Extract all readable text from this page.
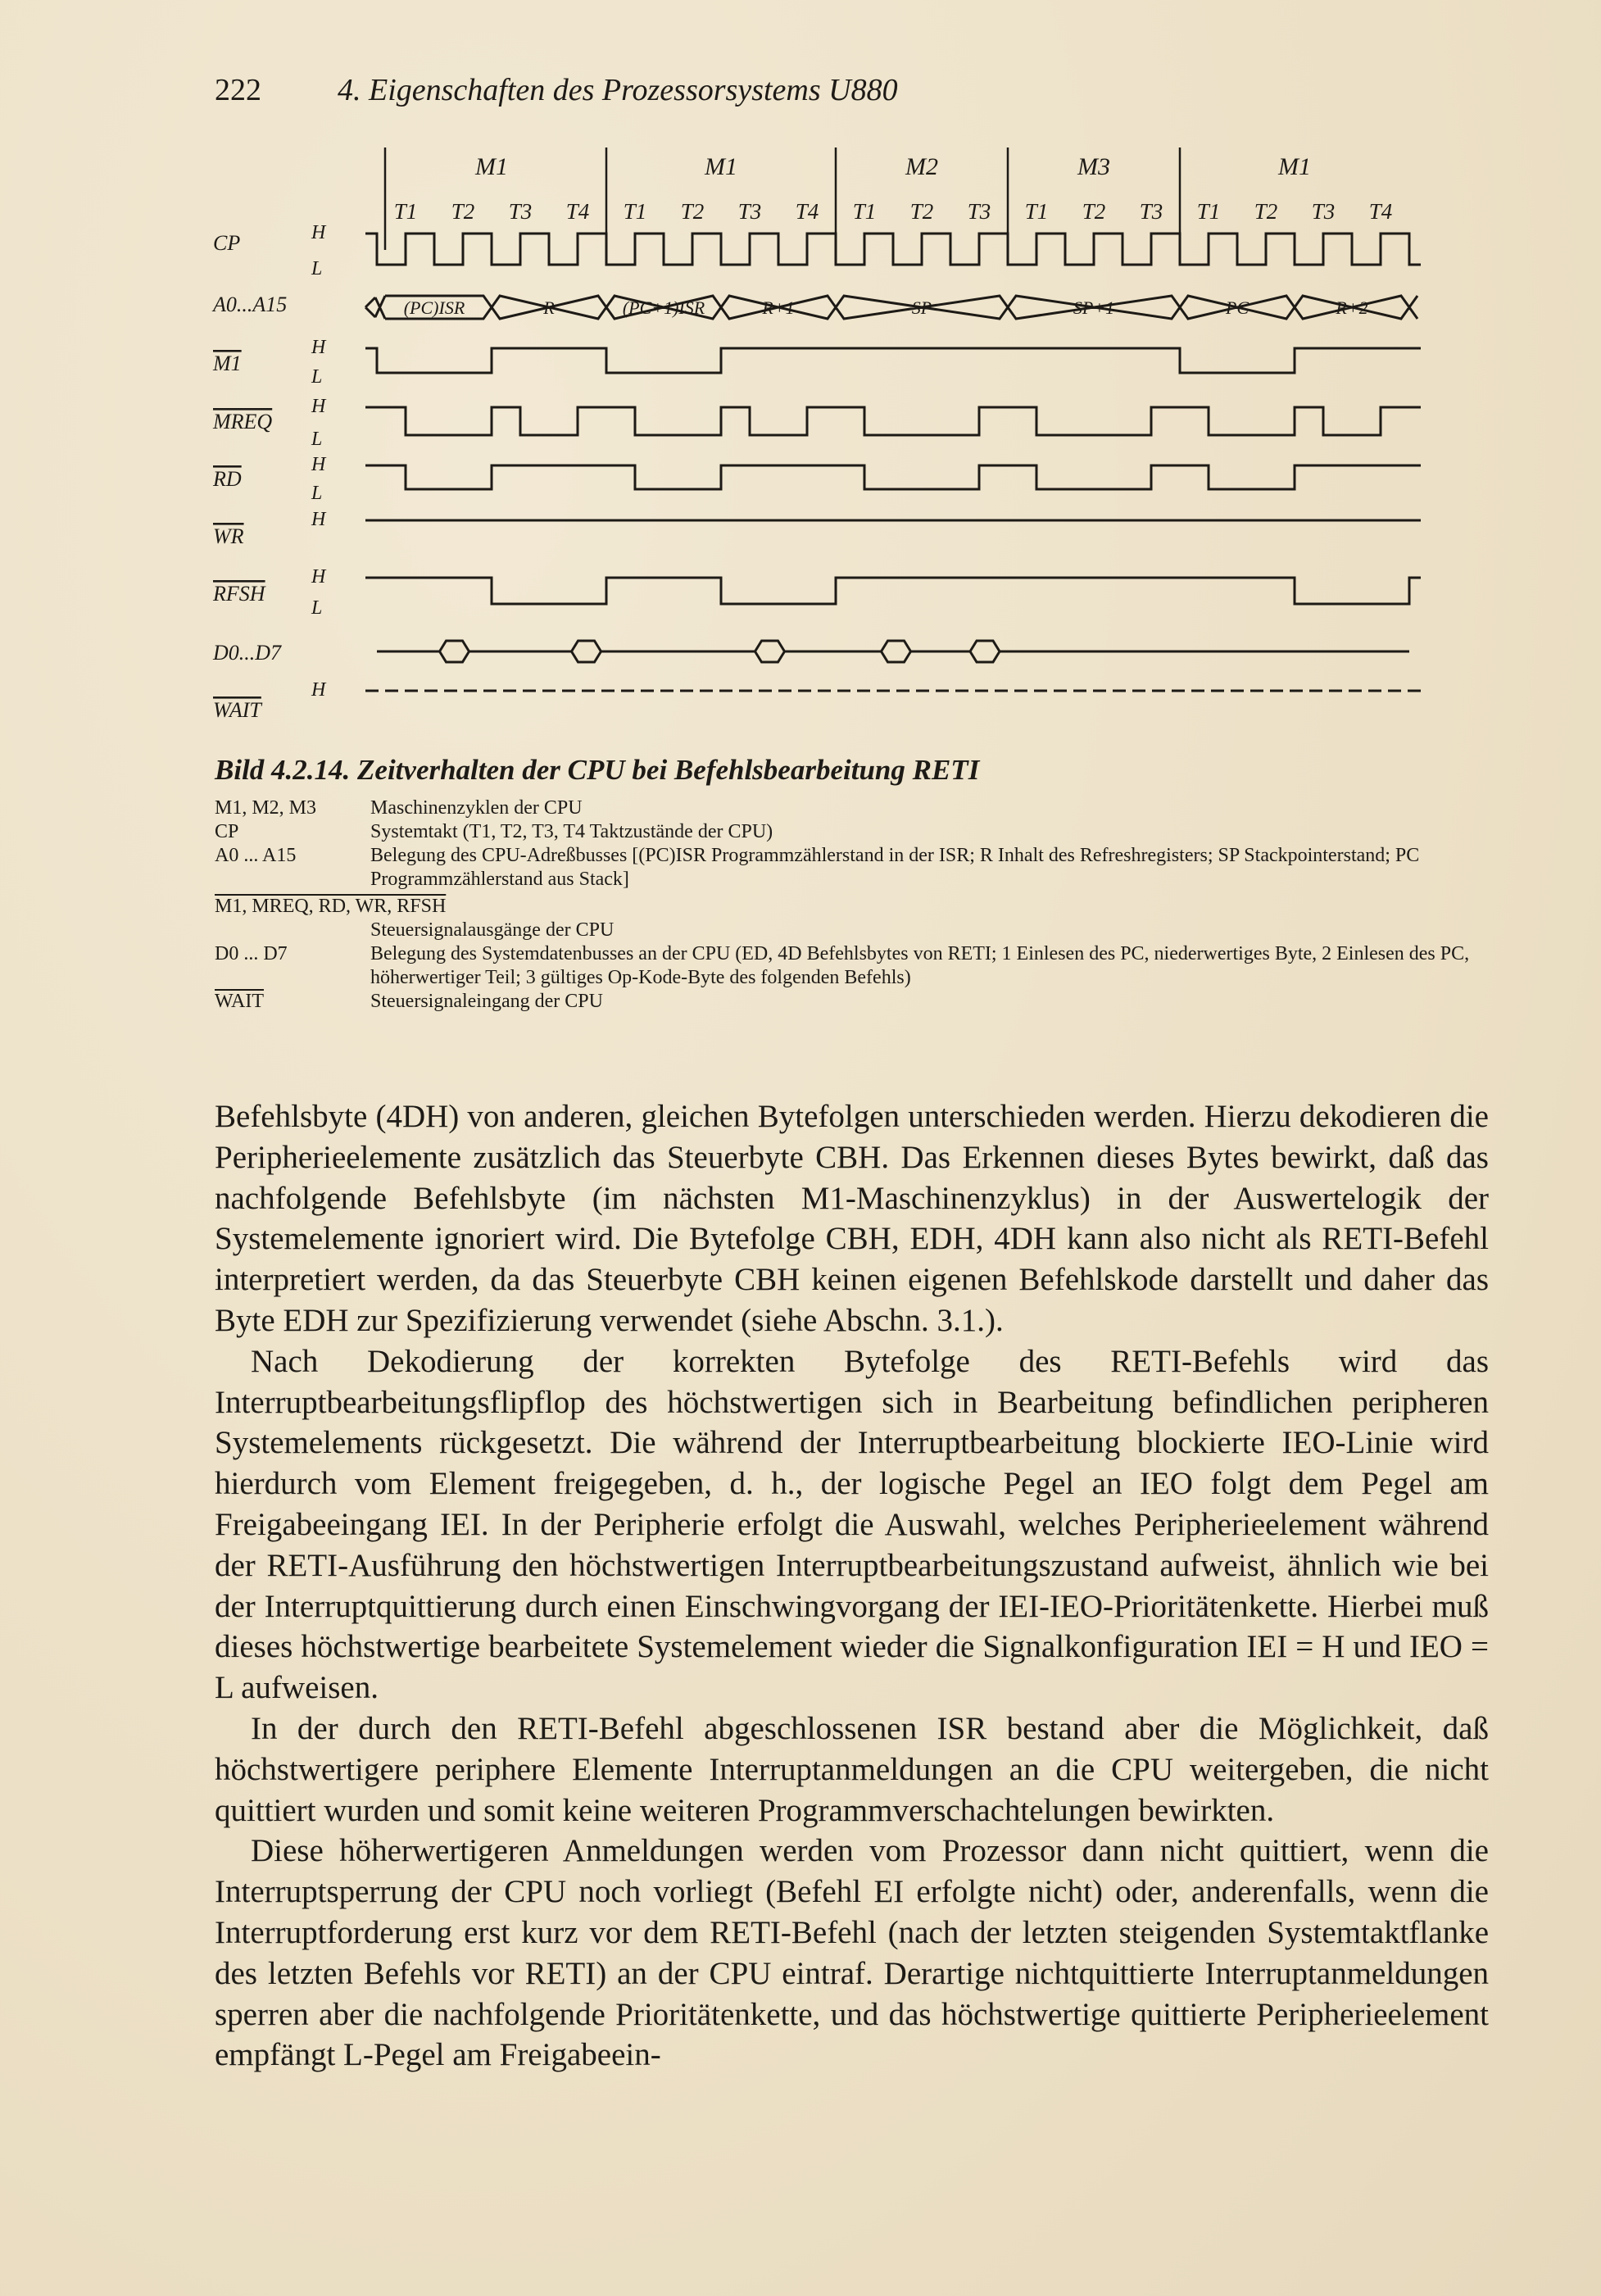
222 4. Eigenschaften des Prozessorsystems U880
M1	M1	M2	M3	M1
T1 T2 T3 T4 T1 T2 T3 T4 T1 T2 T3 T1 T2 T3 T1 T2 T3 T4
CP
A0...A15
M1
MREQ
RD
WR
RFSH
D0...D7
WAIT
H
L
H
L
H
L
H
L
H
H
L
H
(PC)ISR	R	(PC+1)ISR	R+1	SP	SP+1	PC	R+2
Bild 4.2.14. Zeitverhalten der CPU bei Befehlsbearbeitung RETI
M1, M2, M3	Maschinenzyklen der CPU
CP	Systemtakt (T1, T2, T3, T4 Taktzustände der CPU)
A0 ... A15	Belegung des CPU-Adreßbusses [(PC)ISR Programmzählerstand in der ISR; R Inhalt des Refreshregisters; SP Stackpointerstand; PC Programmzählerstand aus Stack]
M1, MREQ, RD, WR, RFSH
Steuersignalausgänge der CPU
D0 ... D7	Belegung des Systemdatenbusses an der CPU (ED, 4D Befehlsbytes von RETI; 1 Einlesen des PC, niederwertiges Byte, 2 Einlesen des PC, höherwertiger Teil; 3 gültiges Op-Kode-Byte des folgenden Befehls)
WAIT	Steuersignaleingang der CPU

Befehlsbyte (4DH) von anderen, gleichen Bytefolgen unterschieden werden. Hierzu dekodieren die Peripherieelemente zusätzlich das Steuerbyte CBH. Das Erkennen dieses Bytes bewirkt, daß das nachfolgende Befehlsbyte (im nächsten M1-Maschinenzyklus) in der Auswertelogik der Systemelemente ignoriert wird. Die Bytefolge CBH, EDH, 4DH kann also nicht als RETI-Befehl interpretiert werden, da das Steuerbyte CBH keinen eigenen Befehlskode darstellt und daher das Byte EDH zur Spezifizierung verwendet (siehe Abschn. 3.1.).

Nach Dekodierung der korrekten Bytefolge des RETI-Befehls wird das Interruptbearbeitungsflipflop des höchstwertigen sich in Bearbeitung befindlichen peripheren Systemelements rückgesetzt. Die während der Interruptbearbeitung blockierte IEO-Linie wird hierdurch vom Element freigegeben, d. h., der logische Pegel an IEO folgt dem Pegel am Freigabeeingang IEI. In der Peripherie erfolgt die Auswahl, welches Peripherieelement während der RETI-Ausführung den höchstwertigen Interruptbearbeitungszustand aufweist, ähnlich wie bei der Interruptquittierung durch einen Einschwingvorgang der IEI-IEO-Prioritätenkette. Hierbei muß dieses höchstwertige bearbeitete Systemelement wieder die Signalkonfiguration IEI = H und IEO = L aufweisen.

In der durch den RETI-Befehl abgeschlossenen ISR bestand aber die Möglichkeit, daß höchstwertigere periphere Elemente Interruptanmeldungen an die CPU weitergeben, die nicht quittiert wurden und somit keine weiteren Programmverschachtelungen bewirkten.

Diese höherwertigeren Anmeldungen werden vom Prozessor dann nicht quittiert, wenn die Interruptsperrung der CPU noch vorliegt (Befehl EI erfolgte nicht) oder, anderenfalls, wenn die Interruptforderung erst kurz vor dem RETI-Befehl (nach der letzten steigenden Systemtaktflanke des letzten Befehls vor RETI) an der CPU eintraf. Derartige nichtquittierte Interruptanmeldungen sperren aber die nachfolgende Prioritätenkette, und das höchstwertige quittierte Peripherieelement empfängt L-Pegel am Freigabeein-
